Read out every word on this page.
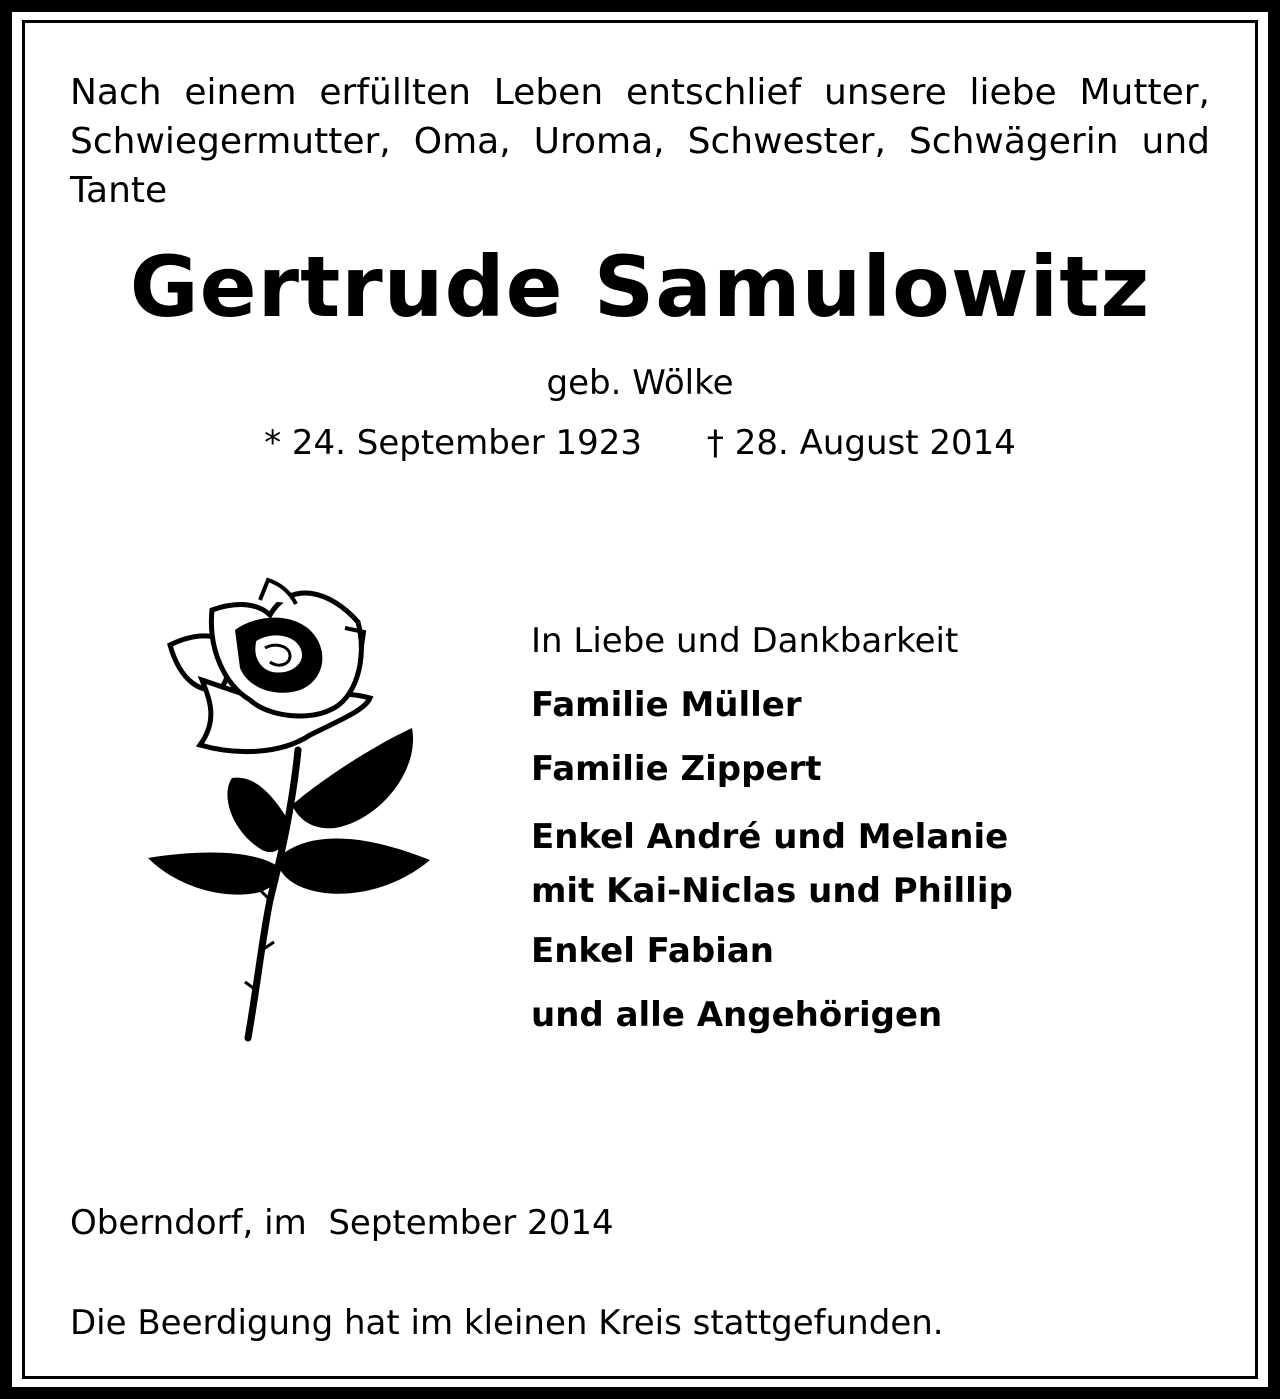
Nach einem erfüllten Leben entschlief unsere liebe Mutter,
Schwiegermutter, Oma, Uroma, Schwester, Schwägerin und
Tante
Gertrude Samulowitz
geb. Wölke
* 24. September 1923 † 28. August 2014
In Liebe und Dankbarkeit
Familie Müller
Familie Zippert
Enkel André und Melanie
mit Kai-Niclas und Phillip
Enkel Fabian
und alle Angehörigen
Oberndorf, im  September 2014
Die Beerdigung hat im kleinen Kreis stattgefunden.
